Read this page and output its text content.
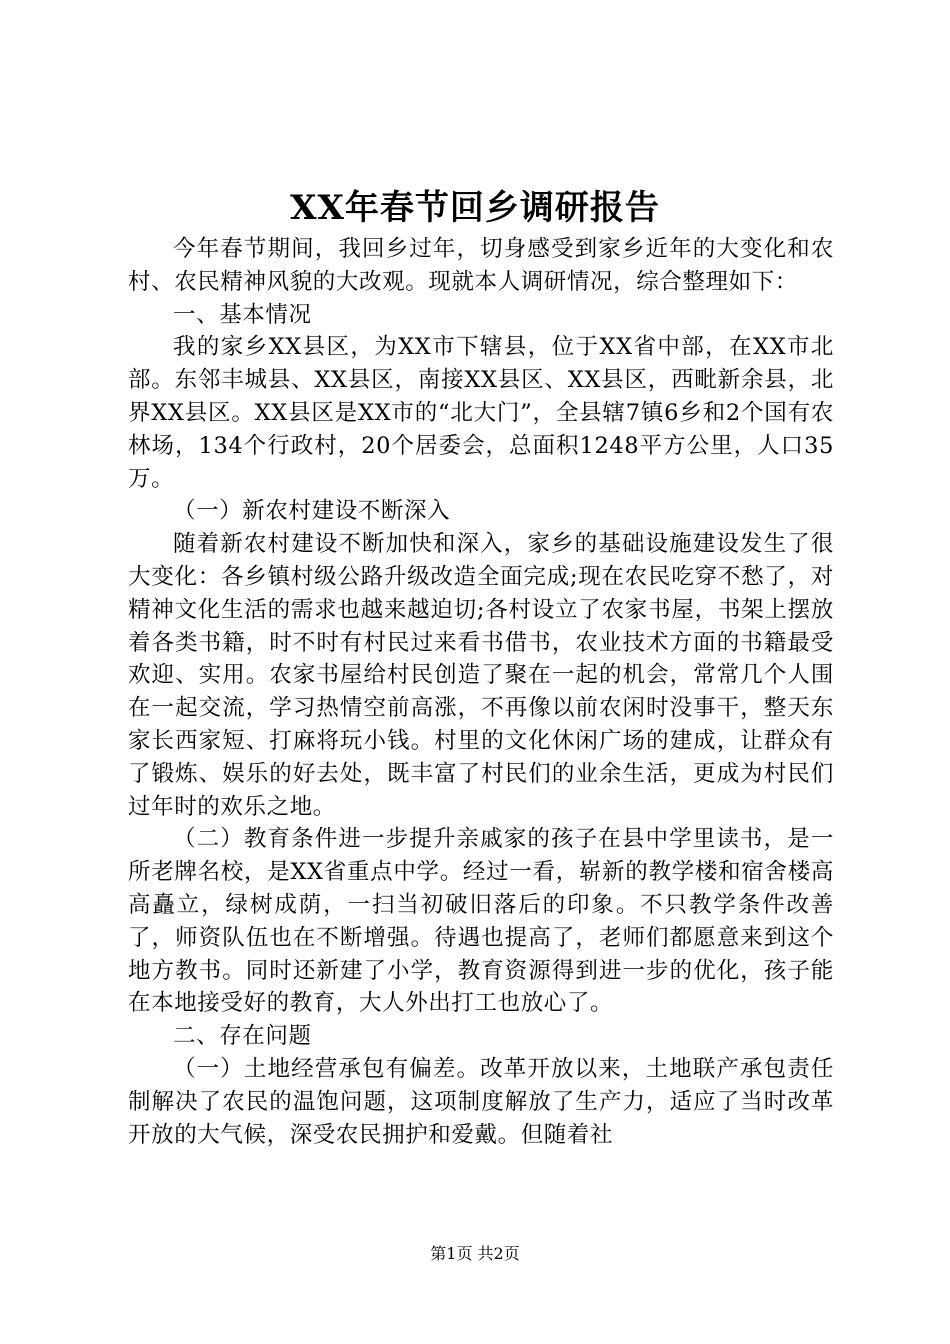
XX年春节回乡调研报告

今年春节期间，我回乡过年，切身感受到家乡近年的大变化和农村、农民精神风貌的大改观。现就本人调研情况，综合整理如下：

一、基本情况

我的家乡XX县区，为XX市下辖县，位于XX省中部，在XX市北部。东邻丰城县、XX县区，南接XX县区、XX县区，西毗新余县，北界XX县区。XX县区是XX市的“北大门”，全县辖7镇6乡和2个国有农林场，134个行政村，20个居委会，总面积1248平方公里，人口35万。

（一）新农村建设不断深入

随着新农村建设不断加快和深入，家乡的基础设施建设发生了很大变化：各乡镇村级公路升级改造全面完成;现在农民吃穿不愁了，对精神文化生活的需求也越来越迫切;各村设立了农家书屋，书架上摆放着各类书籍，时不时有村民过来看书借书，农业技术方面的书籍最受欢迎、实用。农家书屋给村民创造了聚在一起的机会，常常几个人围在一起交流，学习热情空前高涨，不再像以前农闲时没事干，整天东家长西家短、打麻将玩小钱。村里的文化休闲广场的建成，让群众有了锻炼、娱乐的好去处，既丰富了村民们的业余生活，更成为村民们过年时的欢乐之地。

（二）教育条件进一步提升亲戚家的孩子在县中学里读书，是一所老牌名校，是XX省重点中学。经过一看，崭新的教学楼和宿舍楼高高矗立，绿树成荫，一扫当初破旧落后的印象。不只教学条件改善了，师资队伍也在不断增强。待遇也提高了，老师们都愿意来到这个地方教书。同时还新建了小学，教育资源得到进一步的优化，孩子能在本地接受好的教育，大人外出打工也放心了。

二、存在问题

（一）土地经营承包有偏差。改革开放以来，土地联产承包责任制解决了农民的温饱问题，这项制度解放了生产力，适应了当时改革开放的大气候，深受农民拥护和爱戴。但随着社

第1页 共2页
